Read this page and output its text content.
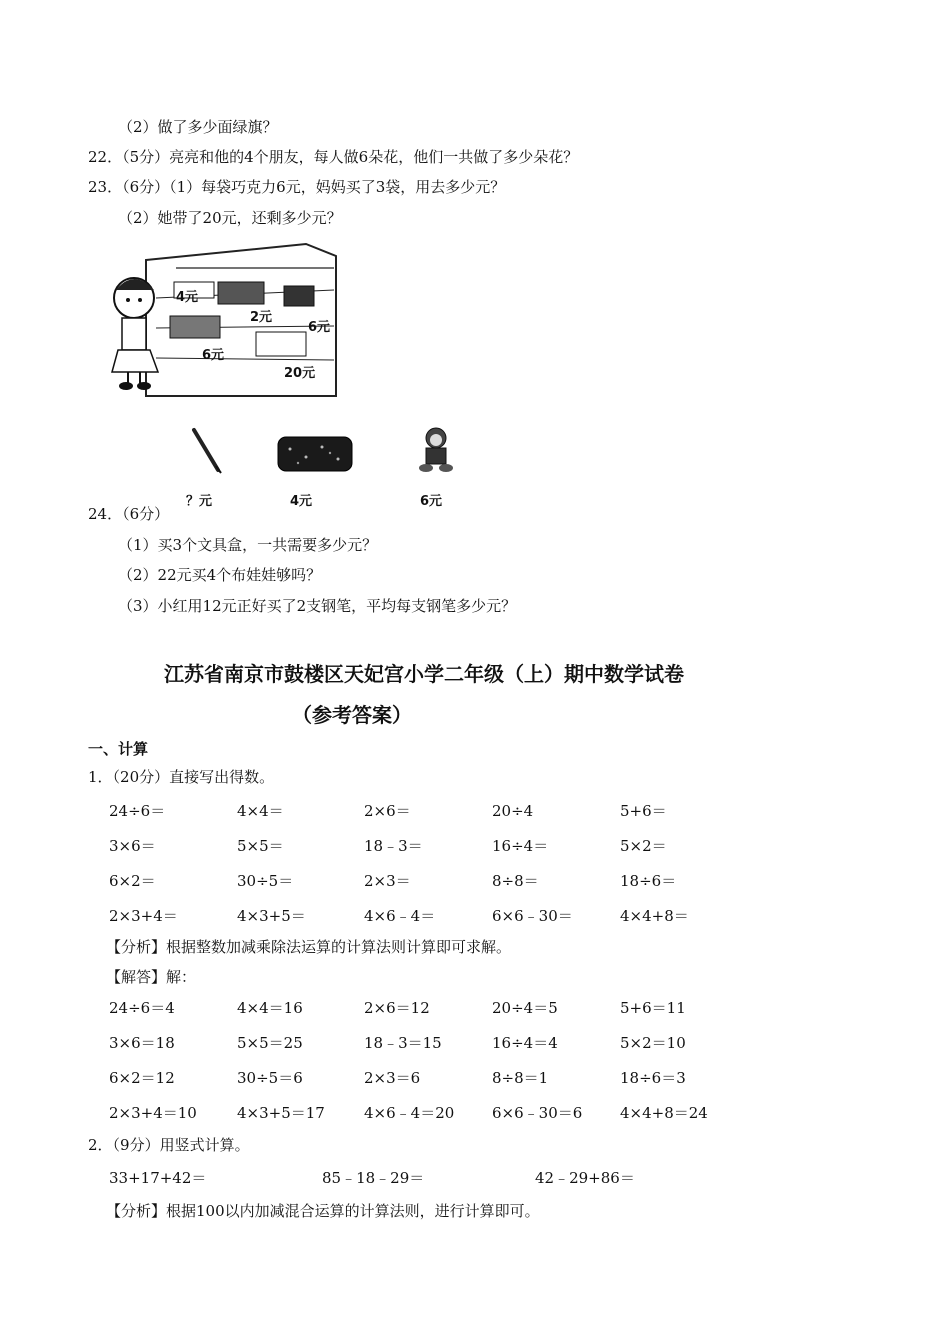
（2）做了多少面绿旗？
22．（5分）亮亮和他的4个朋友，每人做6朵花，他们一共做了多少朵花？
23．（6分）（1）每袋巧克力6元，妈妈买了3袋，用去多少元？
（2）她带了20元，还剩多少元？
4元
2元
6元
6元
20元
？元	4元	6元
24．（6分）
（1）买3个文具盒，一共需要多少元？
（2）22元买4个布娃娃够吗？
（3）小红用12元正好买了2支钢笔，平均每支钢笔多少元？
江苏省南京市鼓楼区天妃宫小学二年级（上）期中数学试卷
（参考答案）
一、计算
1．（20分）直接写出得数。
24÷6＝	4×4＝	2×6＝	20÷4	5+6＝
3×6＝	5×5＝	18﹣3＝	16÷4＝	5×2＝
6×2＝	30÷5＝	2×3＝	8÷8＝	18÷6＝
2×3+4＝	4×3+5＝	4×6﹣4＝	6×6﹣30＝	4×4+8＝
【分析】根据整数加减乘除法运算的计算法则计算即可求解。
【解答】解：
24÷6＝4	4×4＝16	2×6＝12	20÷4＝5	5+6＝11
3×6＝18	5×5＝25	18﹣3＝15	16÷4＝4	5×2＝10
6×2＝12	30÷5＝6	2×3＝6	8÷8＝1	18÷6＝3
2×3+4＝10	4×3+5＝17	4×6﹣4＝20	6×6﹣30＝6	4×4+8＝24
2．（9分）用竖式计算。
33+17+42＝	85﹣18﹣29＝	42﹣29+86＝
【分析】根据100以内加减混合运算的计算法则，进行计算即可。
